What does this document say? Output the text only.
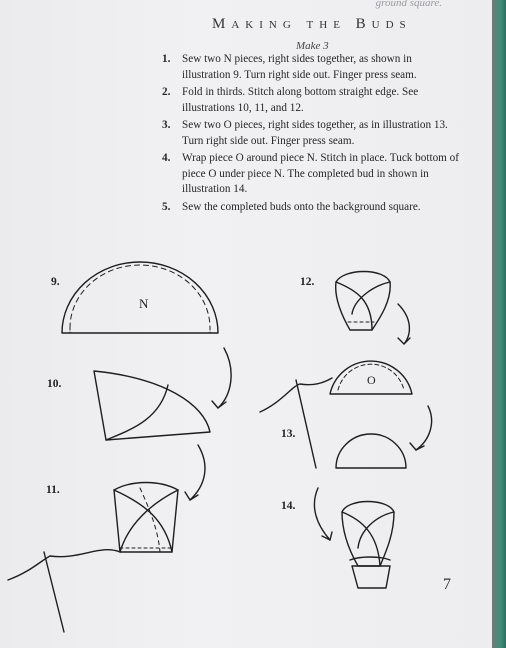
ground square.
Making the Buds
Make 3
1. Sew two N pieces, right sides together, as shown in illustration 9. Turn right side out. Finger press seam.
2. Fold in thirds. Stitch along bottom straight edge. See illustrations 10, 11, and 12.
3. Sew two O pieces, right sides together, as in illustration 13. Turn right side out. Finger press seam.
4. Wrap piece O around piece N. Stitch in place. Tuck bottom of piece O under piece N. The completed bud in shown in illustration 14.
5. Sew the completed buds onto the background square.
9.
10.
11.
12.
13.
14.
N
O
7
